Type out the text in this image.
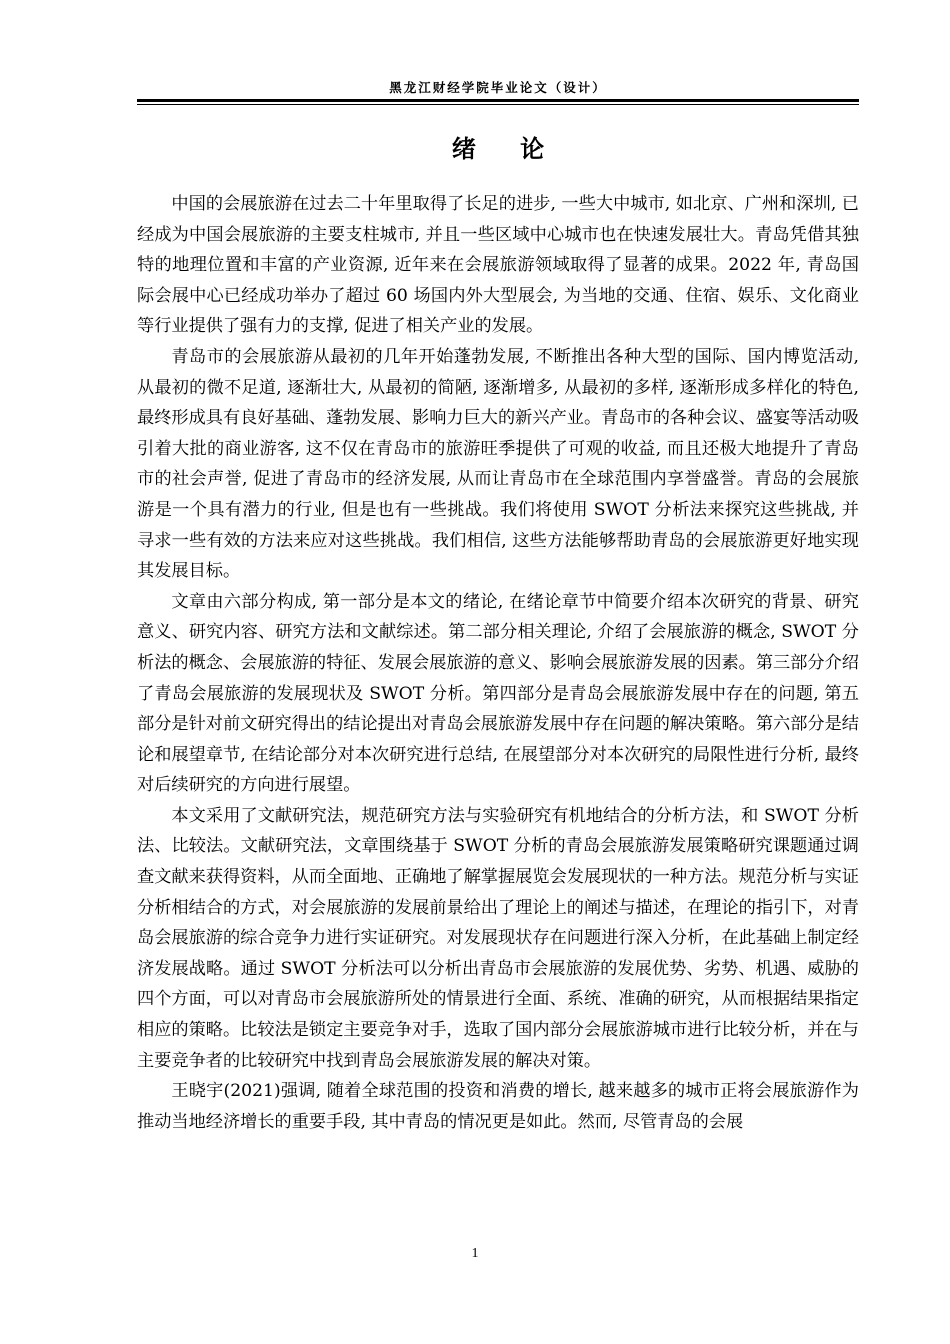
黑龙江财经学院毕业论文（设计）
绪 论

中国的会展旅游在过去二十年里取得了长足的进步, 一些大中城市, 如北京、广州和深圳, 已经成为中国会展旅游的主要支柱城市, 并且一些区域中心城市也在快速发展壮大。青岛凭借其独特的地理位置和丰富的产业资源, 近年来在会展旅游领域取得了显著的成果。2022 年, 青岛国际会展中心已经成功举办了超过 60 场国内外大型展会, 为当地的交通、住宿、娱乐、文化商业等行业提供了强有力的支撑, 促进了相关产业的发展。

青岛市的会展旅游从最初的几年开始蓬勃发展, 不断推出各种大型的国际、国内博览活动, 从最初的微不足道, 逐渐壮大, 从最初的简陋, 逐渐增多, 从最初的多样, 逐渐形成多样化的特色, 最终形成具有良好基础、蓬勃发展、影响力巨大的新兴产业。青岛市的各种会议、盛宴等活动吸引着大批的商业游客, 这不仅在青岛市的旅游旺季提供了可观的收益, 而且还极大地提升了青岛市的社会声誉, 促进了青岛市的经济发展, 从而让青岛市在全球范围内享誉盛誉。青岛的会展旅游是一个具有潜力的行业, 但是也有一些挑战。我们将使用 SWOT 分析法来探究这些挑战, 并寻求一些有效的方法来应对这些挑战。我们相信, 这些方法能够帮助青岛的会展旅游更好地实现其发展目标。

文章由六部分构成, 第一部分是本文的绪论, 在绪论章节中简要介绍本次研究的背景、研究意义、研究内容、研究方法和文献综述。第二部分相关理论, 介绍了会展旅游的概念, SWOT 分析法的概念、会展旅游的特征、发展会展旅游的意义、影响会展旅游发展的因素。第三部分介绍了青岛会展旅游的发展现状及 SWOT 分析。第四部分是青岛会展旅游发展中存在的问题, 第五部分是针对前文研究得出的结论提出对青岛会展旅游发展中存在问题的解决策略。第六部分是结论和展望章节, 在结论部分对本次研究进行总结, 在展望部分对本次研究的局限性进行分析, 最终对后续研究的方向进行展望。

本文采用了文献研究法，规范研究方法与实验研究有机地结合的分析方法，和 SWOT 分析法、比较法。文献研究法，文章围绕基于 SWOT 分析的青岛会展旅游发展策略研究课题通过调查文献来获得资料，从而全面地、正确地了解掌握展览会发展现状的一种方法。规范分析与实证分析相结合的方式，对会展旅游的发展前景给出了理论上的阐述与描述，在理论的指引下，对青岛会展旅游的综合竞争力进行实证研究。对发展现状存在问题进行深入分析，在此基础上制定经济发展战略。通过 SWOT 分析法可以分析出青岛市会展旅游的发展优势、劣势、机遇、威胁的四个方面，可以对青岛市会展旅游所处的情景进行全面、系统、准确的研究，从而根据结果指定相应的策略。比较法是锁定主要竞争对手，选取了国内部分会展旅游城市进行比较分析，并在与主要竞争者的比较研究中找到青岛会展旅游发展的解决对策。

王晓宇(2021)强调, 随着全球范围的投资和消费的增长, 越来越多的城市正将会展旅游作为推动当地经济增长的重要手段, 其中青岛的情况更是如此。然而, 尽管青岛的会展

1
